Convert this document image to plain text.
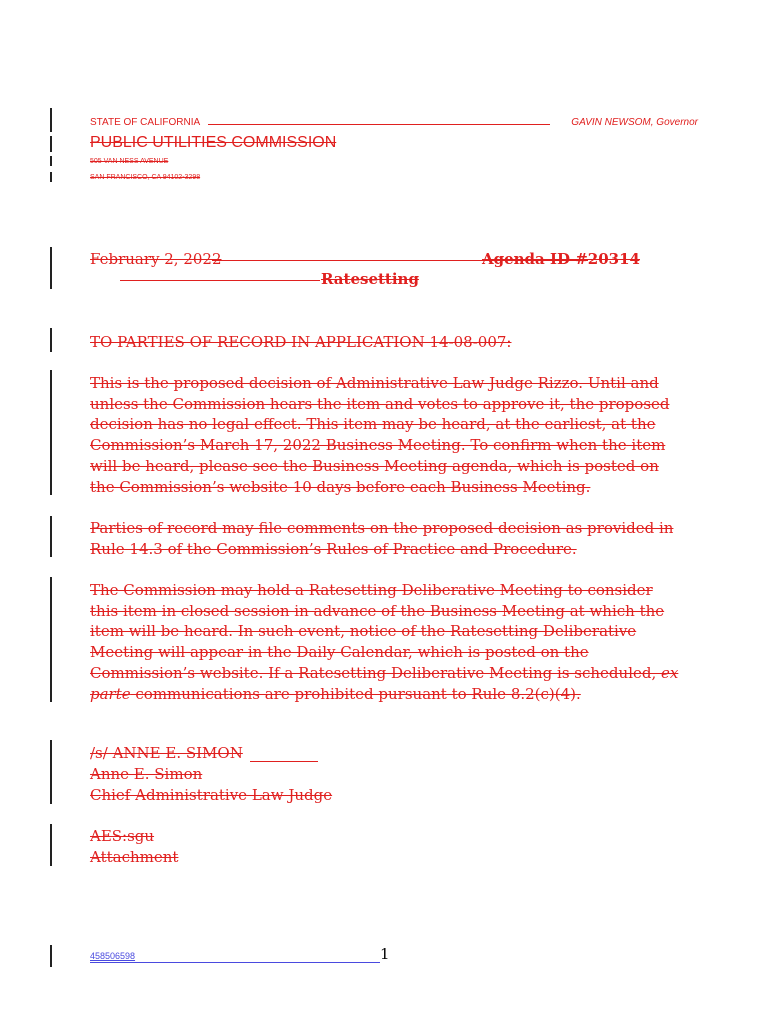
STATE OF CALIFORNIA	GAVIN NEWSOM, Governor
PUBLIC UTILITIES COMMISSION
505 VAN NESS AVENUE
SAN FRANCISCO, CA 94102-3298
February 2, 2022	Agenda ID #20314
Ratesetting
TO PARTIES OF RECORD IN APPLICATION 14-08-007:
This is the proposed decision of Administrative Law Judge Rizzo. Until and unless the Commission hears the item and votes to approve it, the proposed decision has no legal effect. This item may be heard, at the earliest, at the Commission’s March 17, 2022 Business Meeting. To confirm when the item will be heard, please see the Business Meeting agenda, which is posted on the Commission’s website 10 days before each Business Meeting.
Parties of record may file comments on the proposed decision as provided in Rule 14.3 of the Commission’s Rules of Practice and Procedure.
The Commission may hold a Ratesetting Deliberative Meeting to consider this item in closed session in advance of the Business Meeting at which the item will be heard. In such event, notice of the Ratesetting Deliberative Meeting will appear in the Daily Calendar, which is posted on the Commission’s website. If a Ratesetting Deliberative Meeting is scheduled, ex parte communications are prohibited pursuant to Rule 8.2(c)(4).
/s/ ANNE E. SIMON
Anne E. Simon
Chief Administrative Law Judge
AES:sgu
Attachment
458506598	1
